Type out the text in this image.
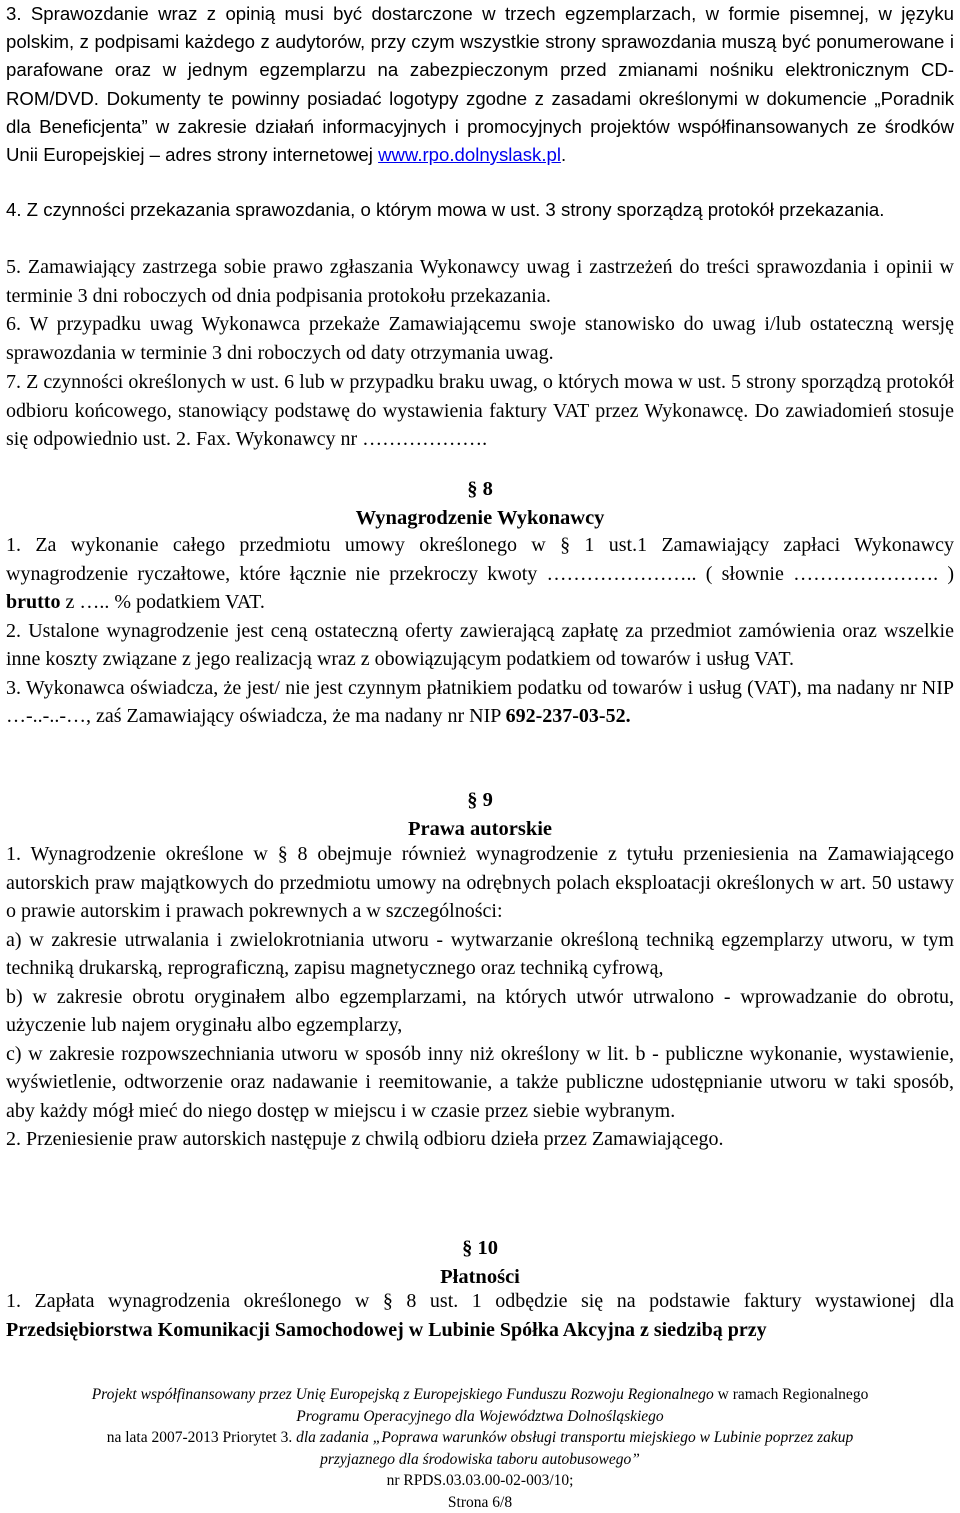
3. Sprawozdanie wraz z opinią musi być dostarczone w trzech egzemplarzach, w formie pisemnej, w języku polskim, z podpisami każdego z audytorów, przy czym wszystkie strony sprawozdania muszą być ponumerowane i parafowane oraz w jednym egzemplarzu na zabezpieczonym przed zmianami nośniku elektronicznym CD-ROM/DVD. Dokumenty te powinny posiadać logotypy zgodne z zasadami określonymi w dokumencie „Poradnik dla Beneficjenta” w zakresie działań informacyjnych i promocyjnych projektów współfinansowanych ze środków Unii Europejskiej – adres strony internetowej www.rpo.dolnyslask.pl.

4. Z czynności przekazania sprawozdania, o którym mowa w ust. 3 strony sporządzą protokół przekazania.

5. Zamawiający zastrzega sobie prawo zgłaszania Wykonawcy uwag i zastrzeżeń do treści sprawozdania i opinii w terminie 3 dni roboczych od dnia podpisania protokołu przekazania.

6. W przypadku uwag Wykonawca przekaże Zamawiającemu swoje stanowisko do uwag i/lub ostateczną wersję sprawozdania w terminie 3 dni roboczych od daty otrzymania uwag.

7. Z czynności określonych w ust. 6 lub w przypadku braku uwag, o których mowa w ust. 5 strony sporządzą protokół odbioru końcowego, stanowiący podstawę do wystawienia faktury VAT przez Wykonawcę. Do zawiadomień stosuje się odpowiednio ust. 2. Fax. Wykonawcy nr ……………….

§ 8

Wynagrodzenie Wykonawcy

1. Za wykonanie całego przedmiotu umowy określonego w § 1 ust.1 Zamawiający zapłaci Wykonawcy wynagrodzenie ryczałtowe, które łącznie nie przekroczy kwoty ………………….. ( słownie …………………. ) brutto z ….. % podatkiem VAT.

2. Ustalone wynagrodzenie jest ceną ostateczną oferty zawierającą zapłatę za przedmiot zamówienia oraz wszelkie inne koszty związane z jego realizacją wraz z obowiązującym podatkiem od towarów i usług VAT.

3. Wykonawca oświadcza, że jest/ nie jest czynnym płatnikiem podatku od towarów i usług (VAT), ma nadany nr NIP …-..-..-…, zaś Zamawiający oświadcza, że ma nadany nr NIP 692-237-03-52.

§ 9

Prawa autorskie

1. Wynagrodzenie określone w § 8 obejmuje również wynagrodzenie z tytułu przeniesienia na Zamawiającego autorskich praw majątkowych do przedmiotu umowy na odrębnych polach eksploatacji określonych w art. 50 ustawy o prawie autorskim i prawach pokrewnych a w szczególności:

a) w zakresie utrwalania i zwielokrotniania utworu - wytwarzanie określoną techniką egzemplarzy utworu, w tym techniką drukarską, reprograficzną, zapisu magnetycznego oraz techniką cyfrową,

b) w zakresie obrotu oryginałem albo egzemplarzami, na których utwór utrwalono - wprowadzanie do obrotu, użyczenie lub najem oryginału albo egzemplarzy,

c) w zakresie rozpowszechniania utworu w sposób inny niż określony w lit. b - publiczne wykonanie, wystawienie, wyświetlenie, odtworzenie oraz nadawanie i reemitowanie, a także publiczne udostępnianie utworu w taki sposób, aby każdy mógł mieć do niego dostęp w miejscu i w czasie przez siebie wybranym.

2. Przeniesienie praw autorskich następuje z chwilą odbioru dzieła przez Zamawiającego.

§ 10

Płatności

1. Zapłata wynagrodzenia określonego w § 8 ust. 1 odbędzie się na podstawie faktury wystawionej dla Przedsiębiorstwa Komunikacji Samochodowej w Lubinie Spółka Akcyjna z siedzibą przy

Projekt współfinansowany przez Unię Europejską z Europejskiego Funduszu Rozwoju Regionalnego w ramach Regionalnego
Programu Operacyjnego dla Województwa Dolnośląskiego
na lata 2007-2013 Priorytet 3. dla zadania „Poprawa warunków obsługi transportu miejskiego w Lubinie poprzez zakup
przyjaznego dla środowiska taboru autobusowego”
nr RPDS.03.03.00-02-003/10;
Strona 6/8
